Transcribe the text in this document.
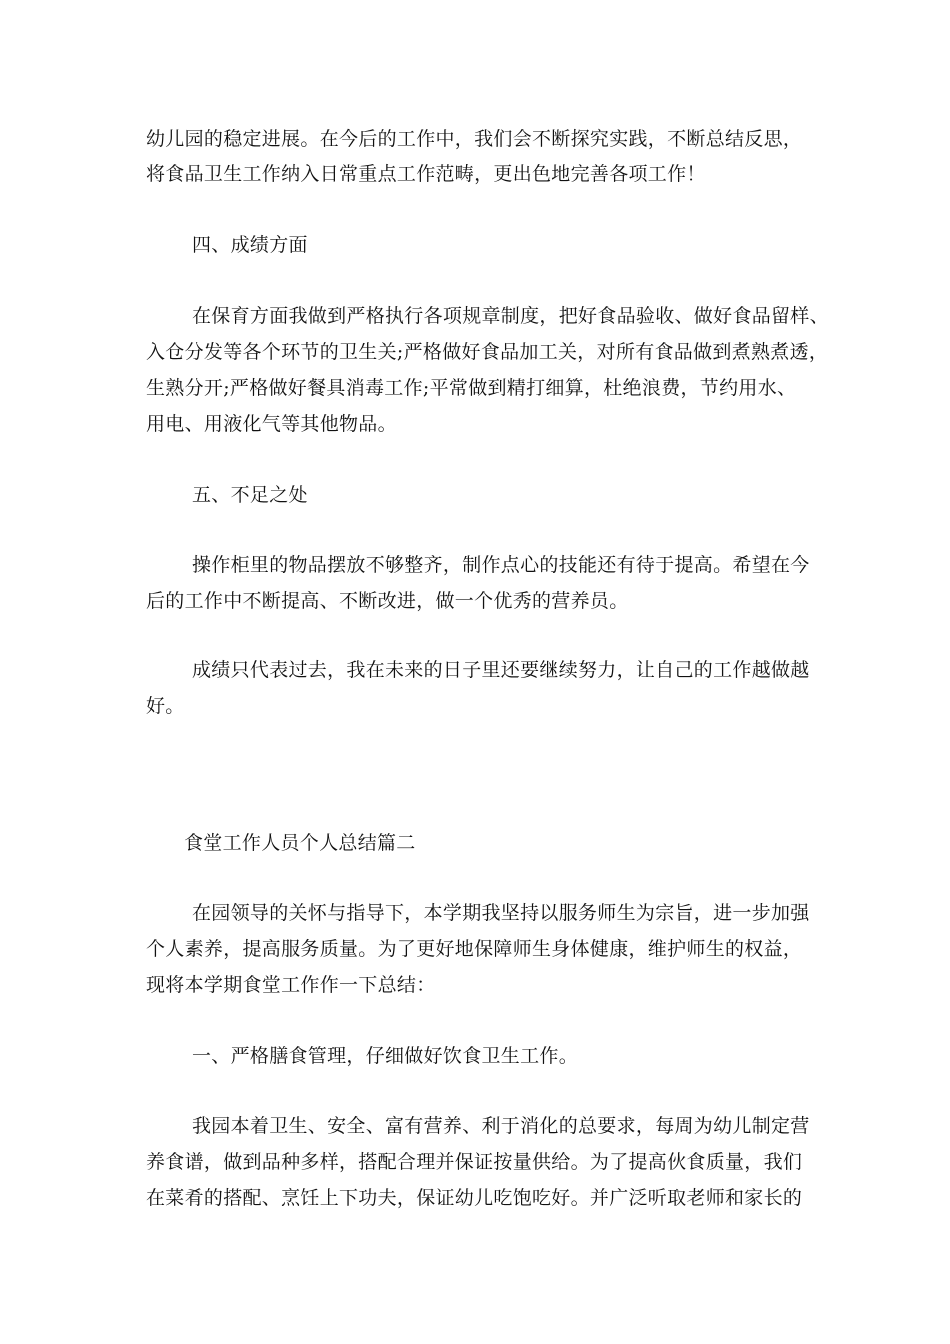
幼儿园的稳定进展。在今后的工作中，我们会不断探究实践，不断总结反思，
将食品卫生工作纳入日常重点工作范畴，更出色地完善各项工作！
四、成绩方面
在保育方面我做到严格执行各项规章制度，把好食品验收、做好食品留样、
入仓分发等各个环节的卫生关;严格做好食品加工关，对所有食品做到煮熟煮透，
生熟分开;严格做好餐具消毒工作;平常做到精打细算，杜绝浪费，节约用水、
用电、用液化气等其他物品。
五、不足之处
操作柜里的物品摆放不够整齐，制作点心的技能还有待于提高。希望在今
后的工作中不断提高、不断改进，做一个优秀的营养员。
成绩只代表过去，我在未来的日子里还要继续努力，让自己的工作越做越
好。
食堂工作人员个人总结篇二
在园领导的关怀与指导下，本学期我坚持以服务师生为宗旨，进一步加强
个人素养，提高服务质量。为了更好地保障师生身体健康，维护师生的权益，
现将本学期食堂工作作一下总结：
一、严格膳食管理，仔细做好饮食卫生工作。
我园本着卫生、安全、富有营养、利于消化的总要求，每周为幼儿制定营
养食谱，做到品种多样，搭配合理并保证按量供给。为了提高伙食质量，我们
在菜肴的搭配、烹饪上下功夫，保证幼儿吃饱吃好。并广泛听取老师和家长的
